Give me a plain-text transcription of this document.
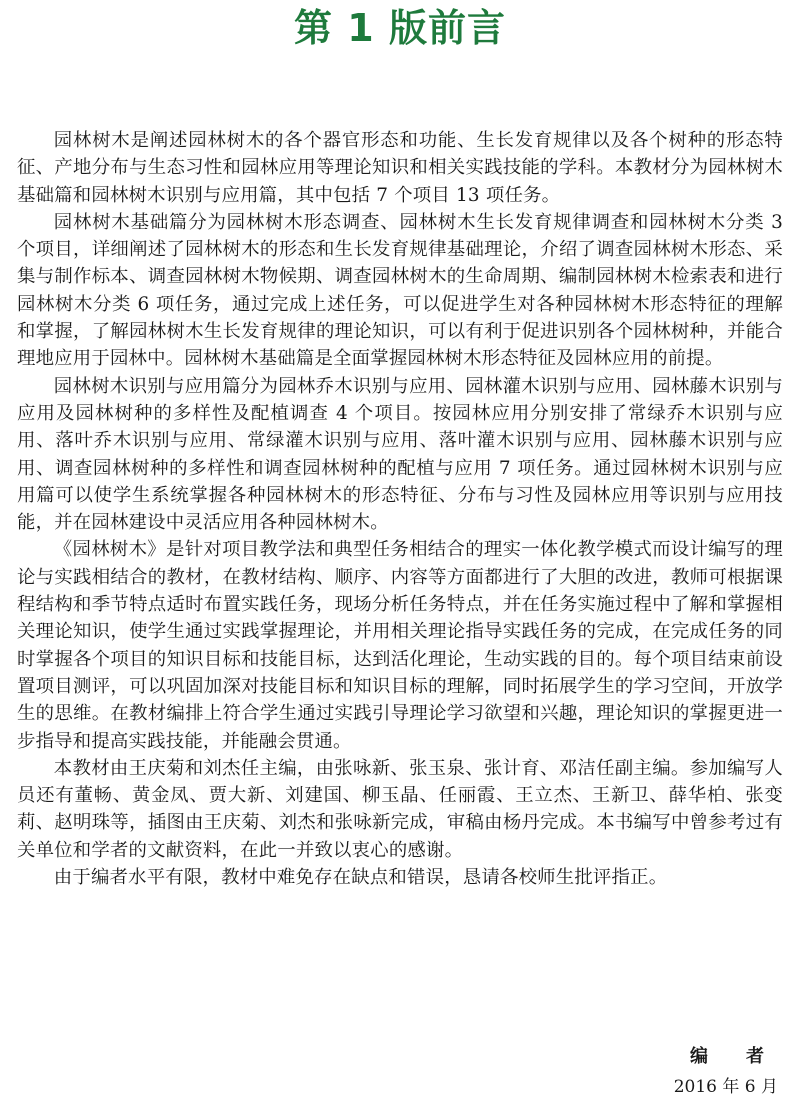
第 1 版前言

园林树木是阐述园林树木的各个器官形态和功能、生长发育规律以及各个树种的形态特征、产地分布与生态习性和园林应用等理论知识和相关实践技能的学科。本教材分为园林树木基础篇和园林树木识别与应用篇，其中包括 7 个项目 13 项任务。

园林树木基础篇分为园林树木形态调查、园林树木生长发育规律调查和园林树木分类 3 个项目，详细阐述了园林树木的形态和生长发育规律基础理论，介绍了调查园林树木形态、采集与制作标本、调查园林树木物候期、调查园林树木的生命周期、编制园林树木检索表和进行园林树木分类 6 项任务，通过完成上述任务，可以促进学生对各种园林树木形态特征的理解和掌握，了解园林树木生长发育规律的理论知识，可以有利于促进识别各个园林树种，并能合理地应用于园林中。园林树木基础篇是全面掌握园林树木形态特征及园林应用的前提。

园林树木识别与应用篇分为园林乔木识别与应用、园林灌木识别与应用、园林藤木识别与应用及园林树种的多样性及配植调查 4 个项目。按园林应用分别安排了常绿乔木识别与应用、落叶乔木识别与应用、常绿灌木识别与应用、落叶灌木识别与应用、园林藤木识别与应用、调查园林树种的多样性和调查园林树种的配植与应用 7 项任务。通过园林树木识别与应用篇可以使学生系统掌握各种园林树木的形态特征、分布与习性及园林应用等识别与应用技能，并在园林建设中灵活应用各种园林树木。

《园林树木》是针对项目教学法和典型任务相结合的理实一体化教学模式而设计编写的理论与实践相结合的教材，在教材结构、顺序、内容等方面都进行了大胆的改进，教师可根据课程结构和季节特点适时布置实践任务，现场分析任务特点，并在任务实施过程中了解和掌握相关理论知识，使学生通过实践掌握理论，并用相关理论指导实践任务的完成，在完成任务的同时掌握各个项目的知识目标和技能目标，达到活化理论，生动实践的目的。每个项目结束前设置项目测评，可以巩固加深对技能目标和知识目标的理解，同时拓展学生的学习空间，开放学生的思维。在教材编排上符合学生通过实践引导理论学习欲望和兴趣，理论知识的掌握更进一步指导和提高实践技能，并能融会贯通。

本教材由王庆菊和刘杰任主编，由张咏新、张玉泉、张计育、邓洁任副主编。参加编写人员还有董畅、黄金凤、贾大新、刘建国、柳玉晶、任丽霞、王立杰、王新卫、薛华柏、张变莉、赵明珠等，插图由王庆菊、刘杰和张咏新完成，审稿由杨丹完成。本书编写中曾参考过有关单位和学者的文献资料，在此一并致以衷心的感谢。

由于编者水平有限，教材中难免存在缺点和错误，恳请各校师生批评指正。

编　者
2016 年 6 月
